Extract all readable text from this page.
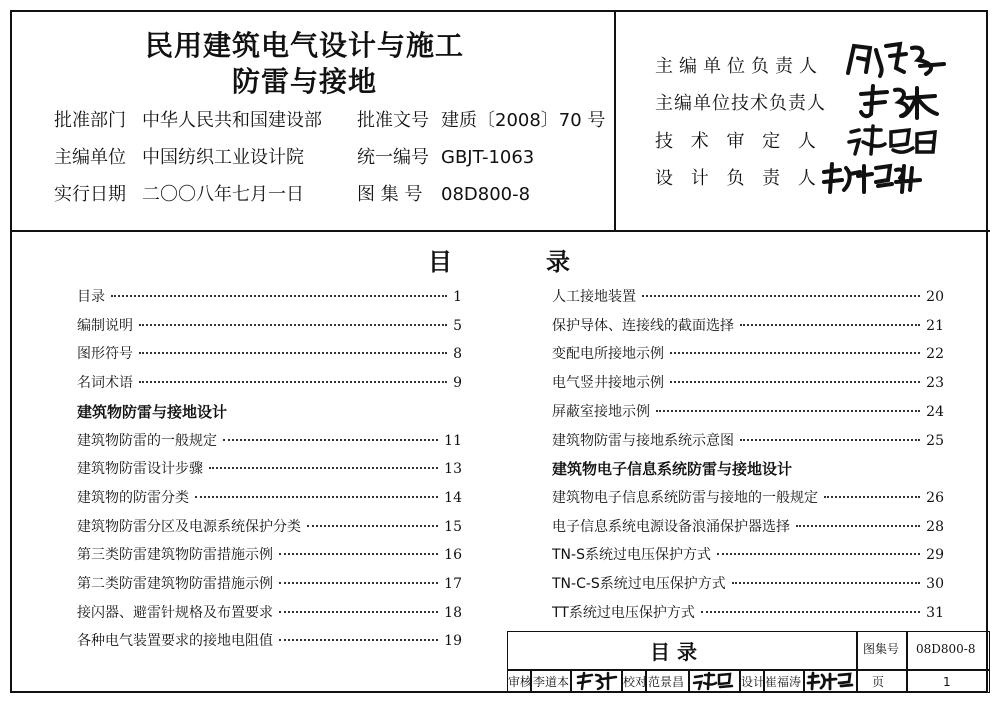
民用建筑电气设计与施工
防雷与接地
批准部门 中华人民共和国建设部 批准文号 建质〔2008〕70 号
主编单位 中国纺织工业设计院	统一编号 GBJT-1063
实行日期 二〇〇八年七月一日	图 集 号 08D800-8
主编单位负责人
主编单位技术负责人
技 术 审 定 人
设 计 负 责 人
目	录
目录	1
编制说明	5
图形符号	8
名词术语	9
建筑物防雷与接地设计
建筑物防雷的一般规定	11
建筑物防雷设计步骤	13
建筑物的防雷分类	14
建筑物防雷分区及电源系统保护分类	15
第三类防雷建筑物防雷措施示例	16
第二类防雷建筑物防雷措施示例	17
接闪器、避雷针规格及布置要求	18
各种电气装置要求的接地电阻值	19
人工接地装置	20
保护导体、连接线的截面选择	21
变配电所接地示例	22
电气竖井接地示例	23
屏蔽室接地示例	24
建筑物防雷与接地系统示意图	25
建筑物电子信息系统防雷与接地设计
建筑物电子信息系统防雷与接地的一般规定	26
电子信息系统电源设备浪涌保护器选择	28
TN-S系统过电压保护方式	29
TN-C-S系统过电压保护方式	30
TT系统过电压保护方式	31
目 录	图集号 08D800-8
审核 李道本	校对 范景昌	设计 崔福涛	页	1
